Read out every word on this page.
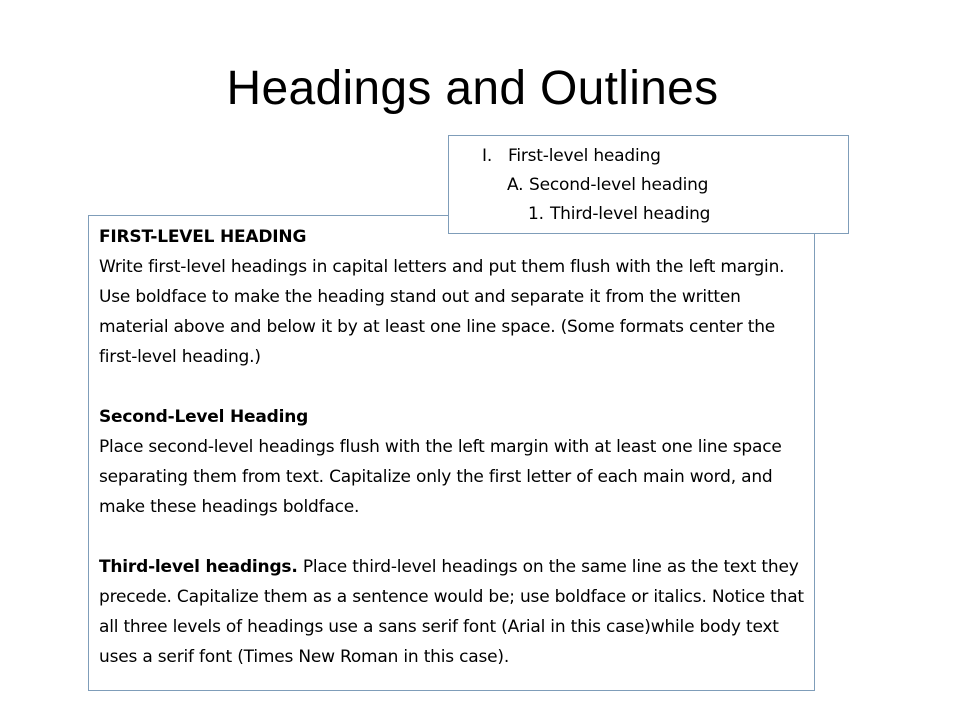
Headings and Outlines

FIRST-LEVEL HEADING
Write first-level headings in capital letters and put them flush with the left margin. Use boldface to make the heading stand out and separate it from the written material above and below it by at least one line space. (Some formats center the first-level heading.)

Second-Level Heading
Place second-level headings flush with the left margin with at least one line space separating them from text. Capitalize only the first letter of each main word, and make these headings boldface.

Third-level headings. Place third-level headings on the same line as the text they precede. Capitalize them as a sentence would be; use boldface or italics. Notice that all three levels of headings use a sans serif font (Arial in this case)while body text uses a serif font (Times New Roman in this case).

I. First-level heading
A. Second-level heading
1. Third-level heading
